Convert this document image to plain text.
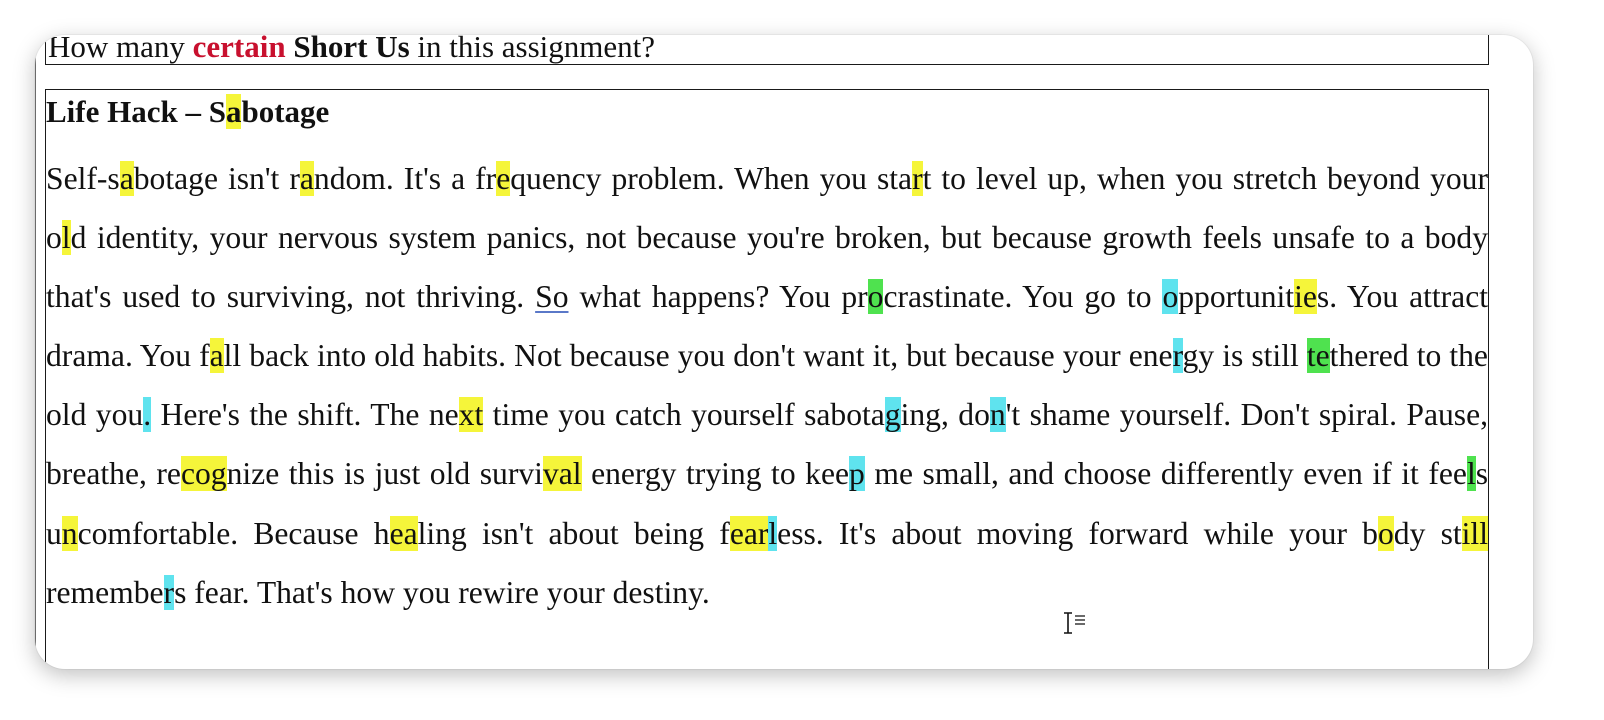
How many certain Short Us in this assignment?
Life Hack – Sabotage
Self-sabotage isn't random. It's a frequency problem. When you start to level up, when you stretch beyond your old identity, your nervous system panics, not because you're broken, but because growth feels unsafe to a body that's used to surviving, not thriving. So what happens? You procrastinate. You go to opportunities. You attract drama. You fall back into old habits. Not because you don't want it, but because your energy is still tethered to the old you. Here's the shift. The next time you catch yourself sabotaging, don't shame yourself. Don't spiral. Pause, breathe, recognize this is just old survival energy trying to keep me small, and choose differently even if it feels uncomfortable. Because healing isn't about being fearless. It's about moving forward while your body still remembers fear. That's how you rewire your destiny.
